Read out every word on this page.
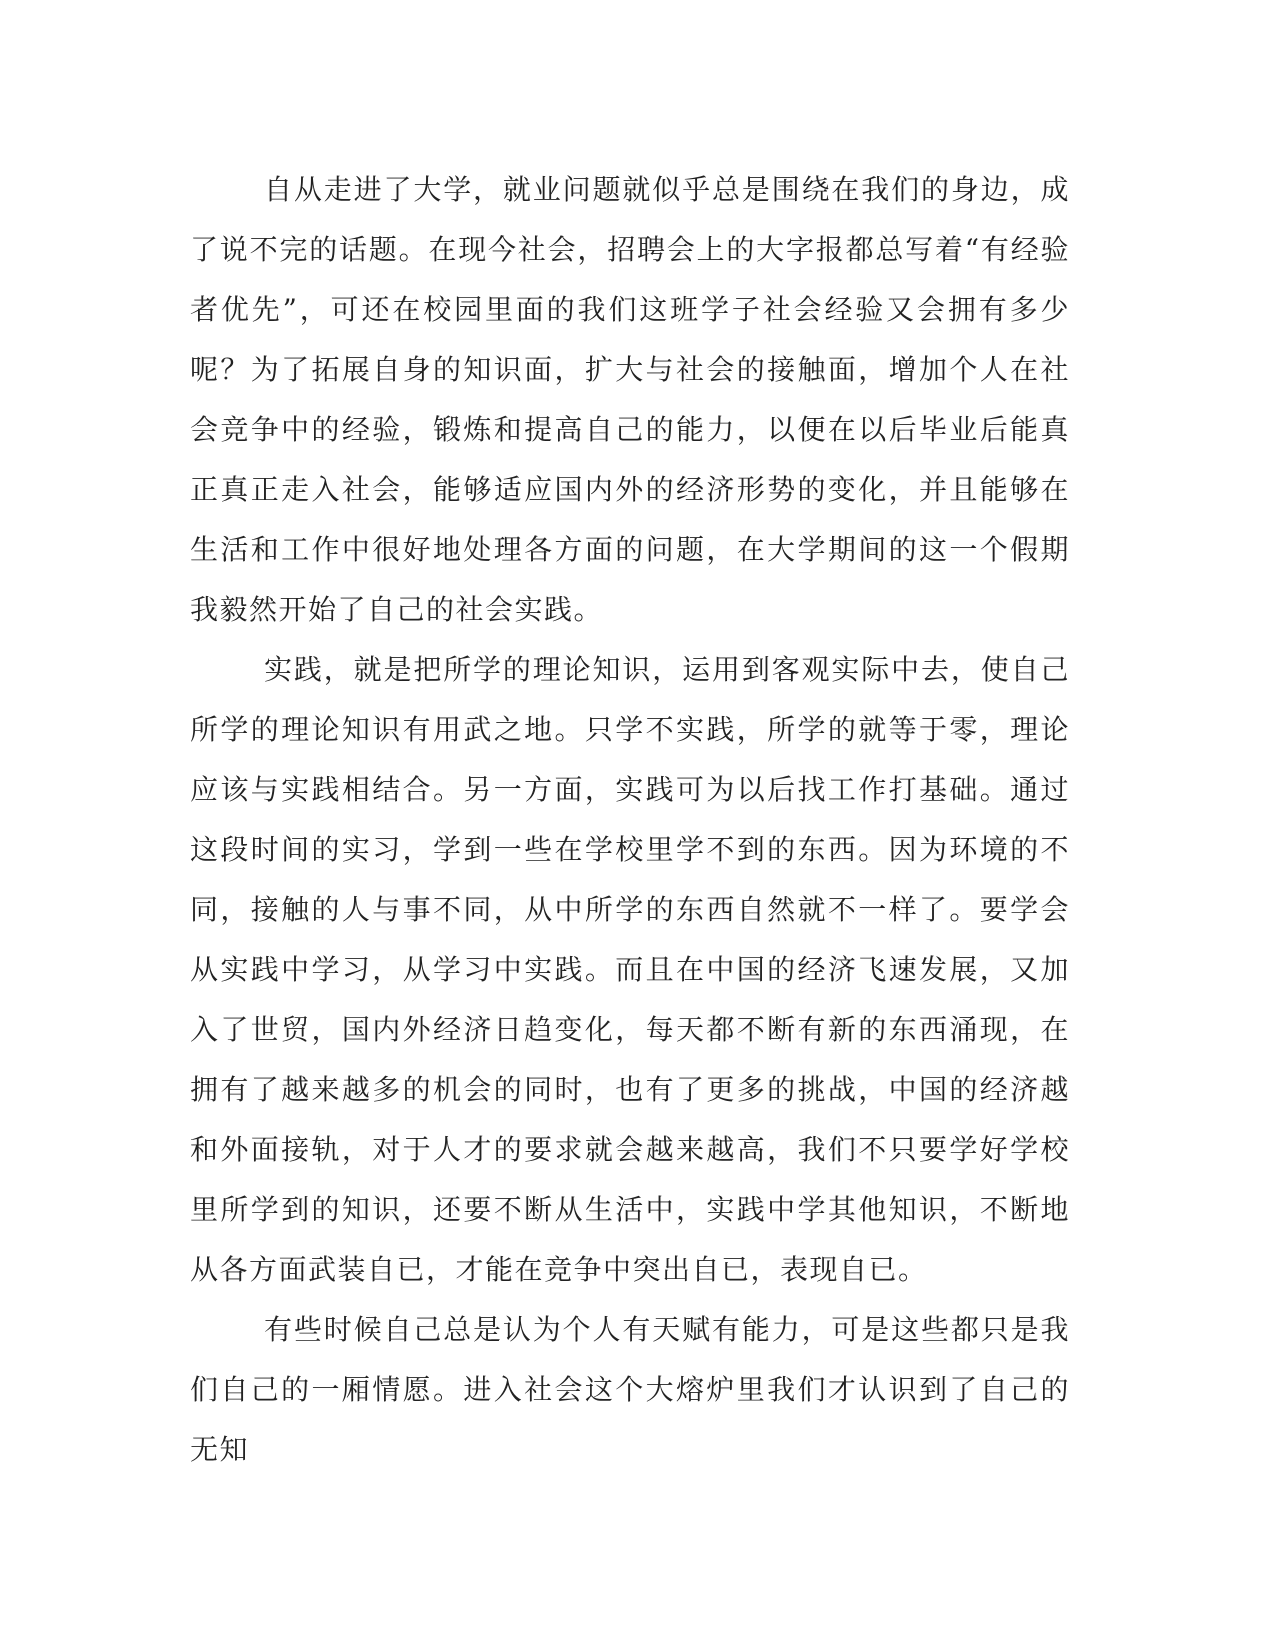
自从走进了大学，就业问题就似乎总是围绕在我们的身边，成了说不完的话题。在现今社会，招聘会上的大字报都总写着“有经验者优先”，可还在校园里面的我们这班学子社会经验又会拥有多少呢？为了拓展自身的知识面，扩大与社会的接触面，增加个人在社会竞争中的经验，锻炼和提高自己的能力，以便在以后毕业后能真正真正走入社会，能够适应国内外的经济形势的变化，并且能够在生活和工作中很好地处理各方面的问题，在大学期间的这一个假期我毅然开始了自己的社会实践。

实践，就是把所学的理论知识，运用到客观实际中去，使自己所学的理论知识有用武之地。只学不实践，所学的就等于零，理论应该与实践相结合。另一方面，实践可为以后找工作打基础。通过这段时间的实习，学到一些在学校里学不到的东西。因为环境的不同，接触的人与事不同，从中所学的东西自然就不一样了。要学会从实践中学习，从学习中实践。而且在中国的经济飞速发展，又加入了世贸，国内外经济日趋变化，每天都不断有新的东西涌现，在拥有了越来越多的机会的同时，也有了更多的挑战，中国的经济越和外面接轨，对于人才的要求就会越来越高，我们不只要学好学校里所学到的知识，还要不断从生活中，实践中学其他知识，不断地从各方面武装自已，才能在竞争中突出自已，表现自已。

有些时候自己总是认为个人有天赋有能力，可是这些都只是我们自己的一厢情愿。进入社会这个大熔炉里我们才认识到了自己的无知
